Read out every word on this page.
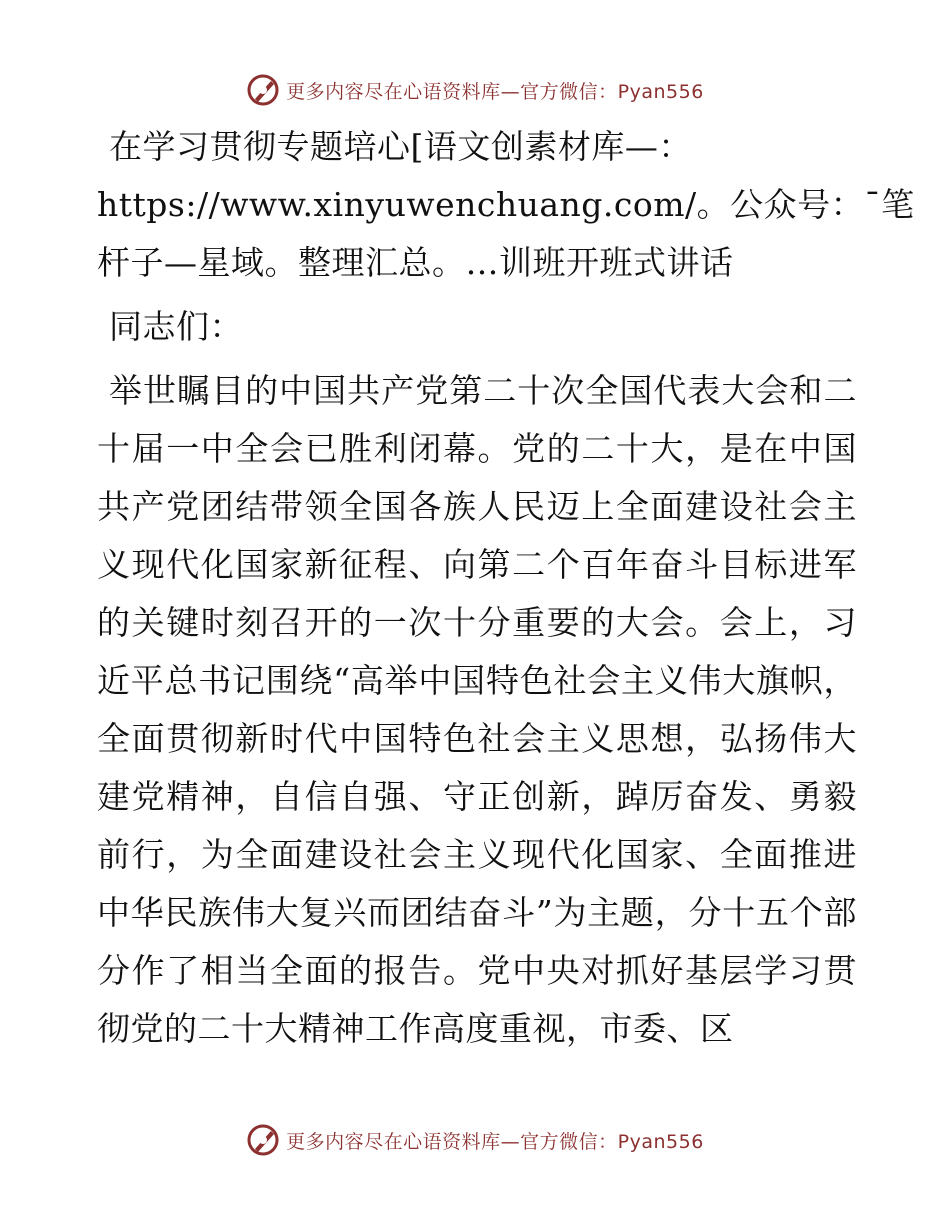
更多内容尽在心语资料库—官方微信：Pyan556

在学习贯彻专题培心[语文创素材库—：
https://www.xinyuwenchuang.com/。公众号：¯笔
杆子—星域。整理汇总。…训班开班式讲话

同志们：

举世瞩目的中国共产党第二十次全国代表大会和二十届一中全会已胜利闭幕。党的二十大，是在中国共产党团结带领全国各族人民迈上全面建设社会主义现代化国家新征程、向第二个百年奋斗目标进军的关键时刻召开的一次十分重要的大会。会上，习近平总书记围绕“高举中国特色社会主义伟大旗帜，全面贯彻新时代中国特色社会主义思想，弘扬伟大建党精神，自信自强、守正创新，踔厉奋发、勇毅前行，为全面建设社会主义现代化国家、全面推进中华民族伟大复兴而团结奋斗”为主题，分十五个部分作了相当全面的报告。党中央对抓好基层学习贯彻党的二十大精神工作高度重视，市委、区

更多内容尽在心语资料库—官方微信：Pyan556
